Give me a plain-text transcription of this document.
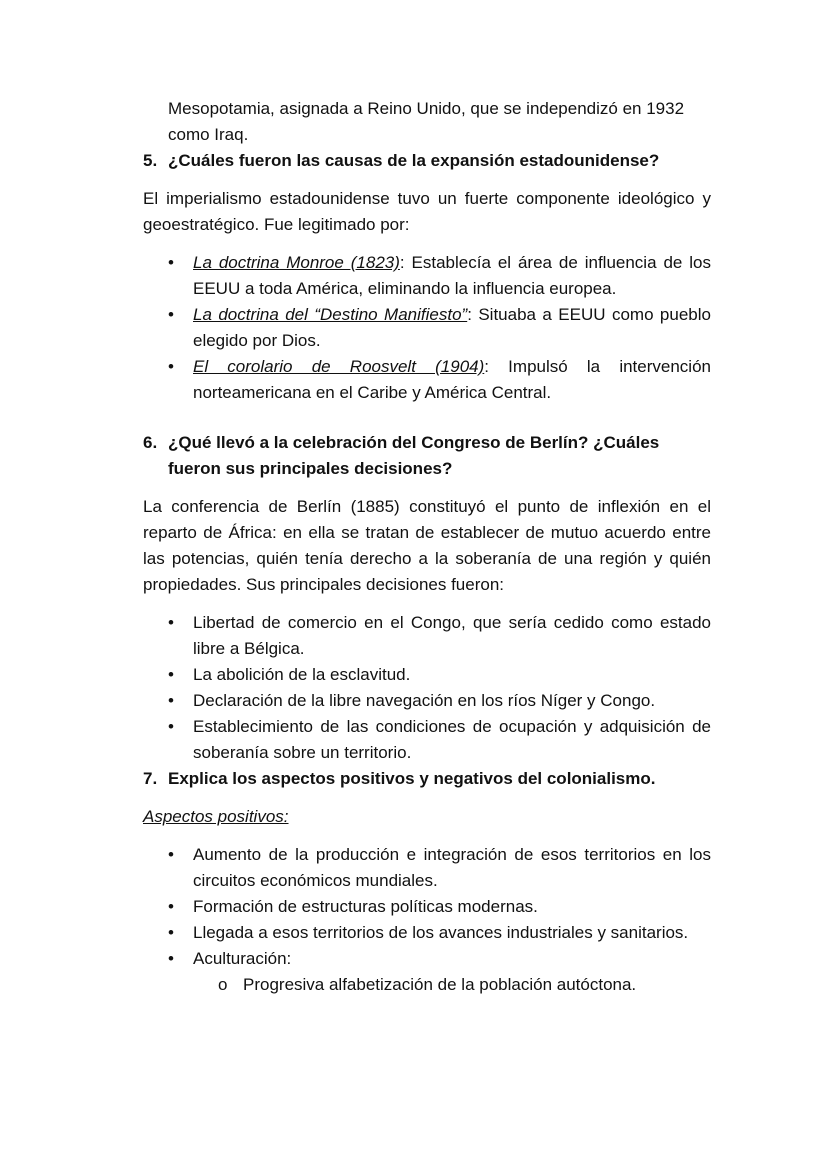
Mesopotamia, asignada a Reino Unido, que se independizó en 1932 como Iraq.

5. ¿Cuáles fueron las causas de la expansión estadounidense?

El imperialismo estadounidense tuvo un fuerte componente ideológico y geoestratégico. Fue legitimado por:

•	La doctrina Monroe (1823): Establecía el área de influencia de los EEUU a toda América, eliminando la influencia europea.
•	La doctrina del “Destino Manifiesto”: Situaba a EEUU como pueblo elegido por Dios.
•	El corolario de Roosvelt (1904): Impulsó la intervención norteamericana en el Caribe y América Central.
6. ¿Qué llevó a la celebración del Congreso de Berlín? ¿Cuáles fueron sus principales decisiones?

La conferencia de Berlín (1885) constituyó el punto de inflexión en el reparto de África: en ella se tratan de establecer de mutuo acuerdo entre las potencias, quién tenía derecho a la soberanía de una región y quién propiedades. Sus principales decisiones fueron:

•	Libertad de comercio en el Congo, que sería cedido como estado libre a Bélgica.
•	La abolición de la esclavitud.
•	Declaración de la libre navegación en los ríos Níger y Congo.
•	Establecimiento de las condiciones de ocupación y adquisición de soberanía sobre un territorio.
7. Explica los aspectos positivos y negativos del colonialismo.

Aspectos positivos:

•	Aumento de la producción e integración de esos territorios en los circuitos económicos mundiales.
•	Formación de estructuras políticas modernas.
•	Llegada a esos territorios de los avances industriales y sanitarios.
•	Aculturación:
o Progresiva alfabetización de la población autóctona.
